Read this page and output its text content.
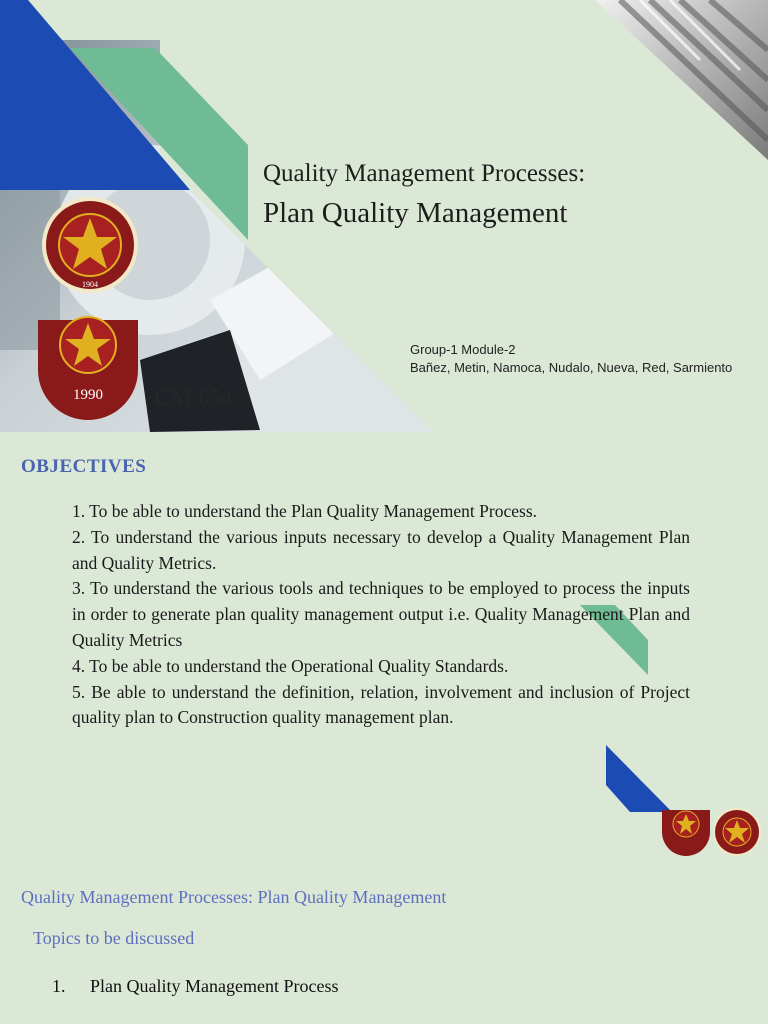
1904
1990
Quality Management Processes:
Plan Quality Management
Group-1 Module-2
Bañez, Metin, Namoca, Nudalo, Nueva, Red, Sarmiento
CM 654
OBJECTIVES

1. To be able to understand the Plan Quality Management Process.

2. To understand the various inputs necessary to develop a Quality Management Plan and Quality Metrics.

3. To understand the various tools and techniques to be employed to process the inputs in order to generate plan quality management output i.e. Quality Management Plan and Quality Metrics

4. To be able to understand the Operational Quality Standards.

5. Be able to understand the definition, relation, involvement and inclusion of Project quality plan to Construction quality management plan.

Quality Management Processes: Plan Quality Management
Topics to be discussed
1. Plan Quality Management Process
